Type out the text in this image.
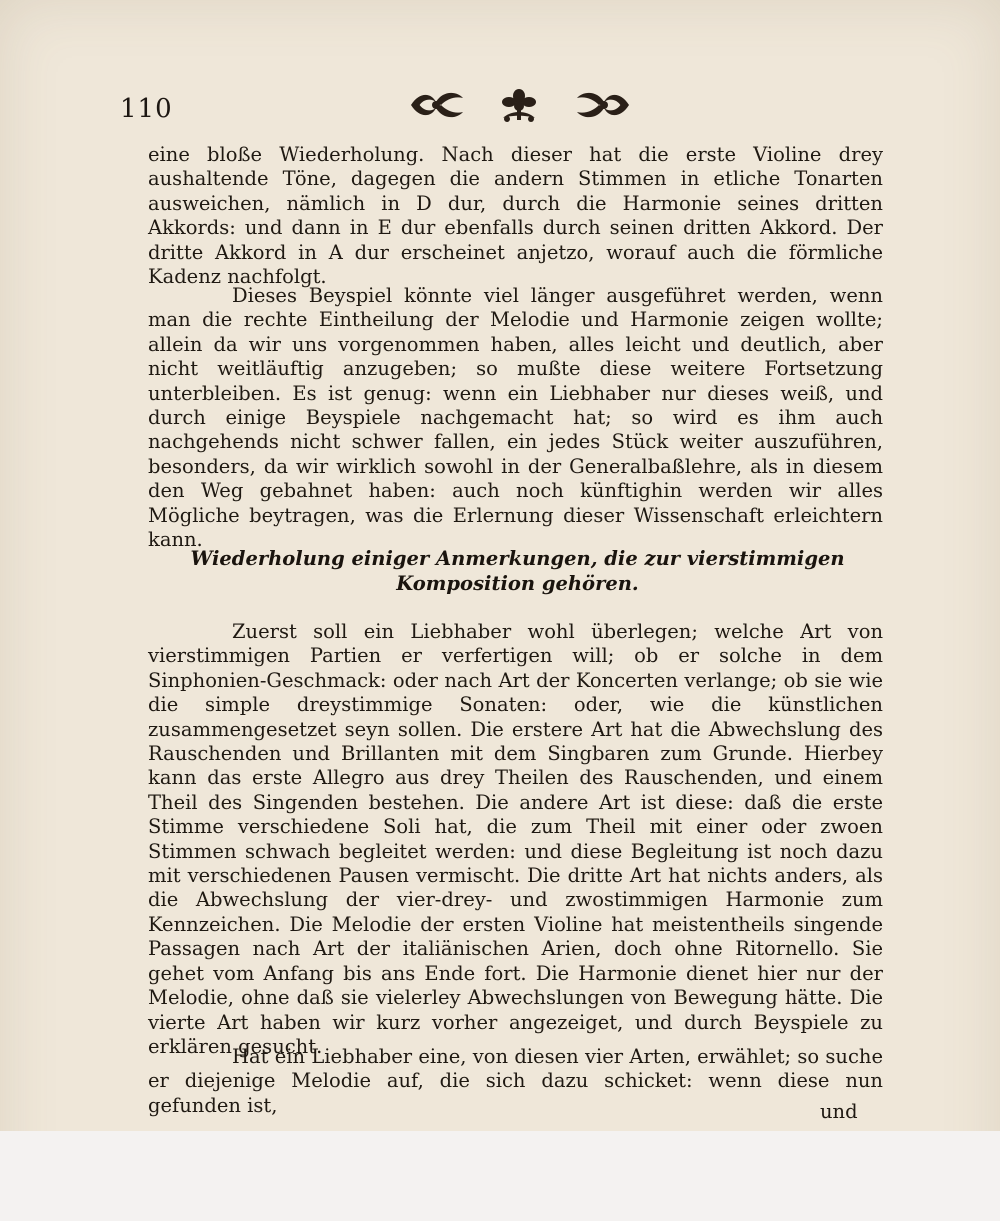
110

eine bloße Wiederholung. Nach dieser hat die erste Violine drey aushaltende Töne, dagegen die andern Stimmen in etliche Tonarten ausweichen, nämlich in D dur, durch die Harmonie seines dritten Akkords: und dann in E dur ebenfalls durch seinen dritten Akkord. Der dritte Akkord in A dur erscheinet anjetzo, worauf auch die förmliche Kadenz nachfolgt.

Dieses Beyspiel könnte viel länger ausgeführet werden, wenn man die rechte Eintheilung der Melodie und Harmonie zeigen wollte; allein da wir uns vorgenommen haben, alles leicht und deutlich, aber nicht weitläuftig anzugeben; so mußte diese weitere Fortsetzung unterbleiben. Es ist genug: wenn ein Liebhaber nur dieses weiß, und durch einige Beyspiele nachgemacht hat; so wird es ihm auch nachgehends nicht schwer fallen, ein jedes Stück weiter auszuführen, besonders, da wir wirklich sowohl in der Generalbaßlehre, als in diesem den Weg gebahnet haben: auch noch künftighin werden wir alles Mögliche beytragen, was die Erlernung dieser Wissenschaft erleichtern kann.

Wiederholung einiger Anmerkungen, die zur vierstimmigen Komposition gehören.

Zuerst soll ein Liebhaber wohl überlegen; welche Art von vierstimmigen Partien er verfertigen will; ob er solche in dem Sinphonien-Geschmack: oder nach Art der Koncerten verlange; ob sie wie die simple dreystimmige Sonaten: oder, wie die künstlichen zusammengesetzet seyn sollen. Die erstere Art hat die Abwechslung des Rauschenden und Brillanten mit dem Singbaren zum Grunde. Hierbey kann das erste Allegro aus drey Theilen des Rauschenden, und einem Theil des Singenden bestehen. Die andere Art ist diese: daß die erste Stimme verschiedene Soli hat, die zum Theil mit einer oder zwoen Stimmen schwach begleitet werden: und diese Begleitung ist noch dazu mit verschiedenen Pausen vermischt. Die dritte Art hat nichts anders, als die Abwechslung der vier-drey- und zwostimmigen Harmonie zum Kennzeichen. Die Melodie der ersten Violine hat meistentheils singende Passagen nach Art der italiänischen Arien, doch ohne Ritornello. Sie gehet vom Anfang bis ans Ende fort. Die Harmonie dienet hier nur der Melodie, ohne daß sie vielerley Abwechslungen von Bewegung hätte. Die vierte Art haben wir kurz vorher angezeiget, und durch Beyspiele zu erklären gesucht.

Hat ein Liebhaber eine, von diesen vier Arten, erwählet; so suche er diejenige Melodie auf, die sich dazu schicket: wenn diese nun gefunden ist,	und
